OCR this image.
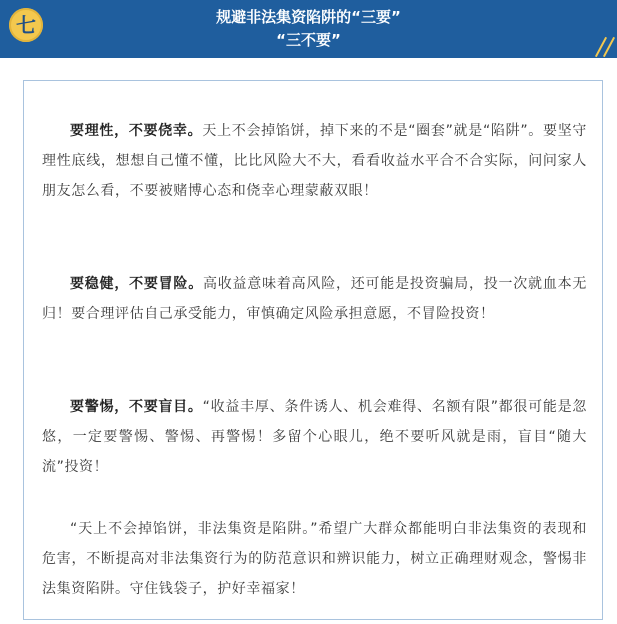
七	规避非法集资陷阱的“三要”
“三不要”

要理性，不要侥幸。天上不会掉馅饼，掉下来的不是“圈套”就是“陷阱”。要坚守理性底线，想想自己懂不懂，比比风险大不大，看看收益水平合不合实际，问问家人朋友怎么看，不要被赌博心态和侥幸心理蒙蔽双眼！

要稳健，不要冒险。高收益意味着高风险，还可能是投资骗局，投一次就血本无归！要合理评估自己承受能力，审慎确定风险承担意愿，不冒险投资！

要警惕，不要盲目。“收益丰厚、条件诱人、机会难得、名额有限”都很可能是忽悠，一定要警惕、警惕、再警惕！多留个心眼儿，绝不要听风就是雨，盲目“随大流”投资！

“天上不会掉馅饼，非法集资是陷阱。”希望广大群众都能明白非法集资的表现和危害，不断提高对非法集资行为的防范意识和辨识能力，树立正确理财观念，警惕非法集资陷阱。守住钱袋子，护好幸福家！
